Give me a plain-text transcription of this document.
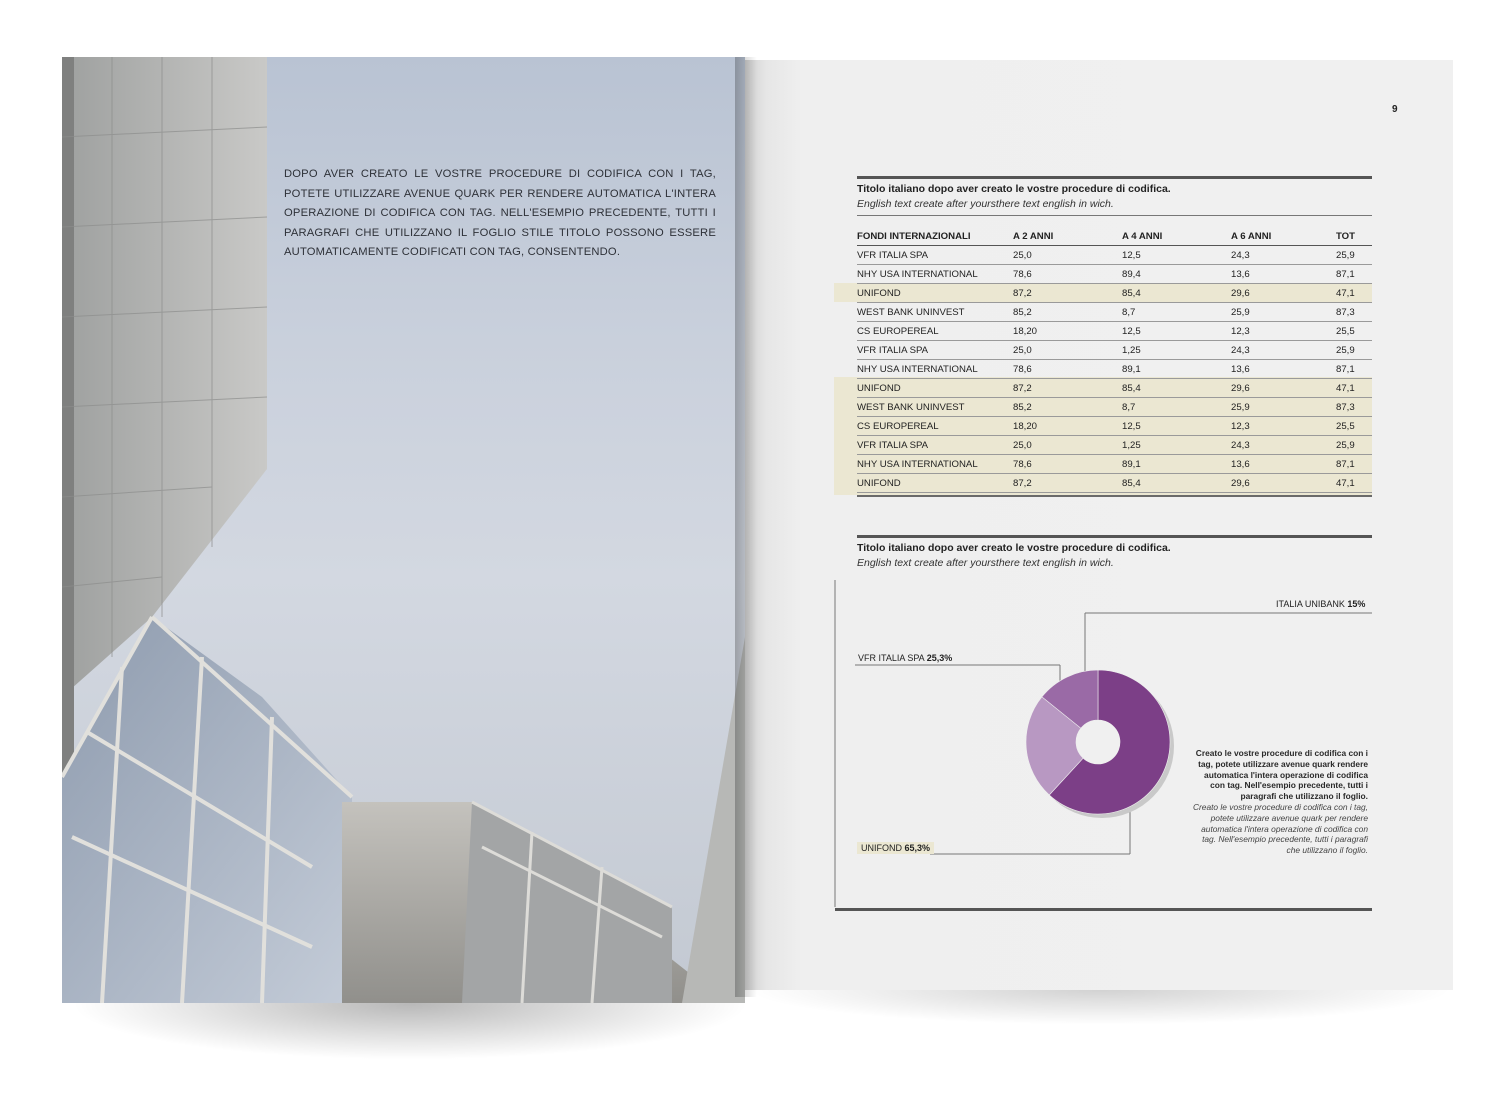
DOPO AVER CREATO LE VOSTRE PROCEDURE DI CODIFICA CON I TAG, POTETE UTILIZZARE AVENUE QUARK PER RENDERE AUTOMATICA L'INTERA OPERAZIONE DI CODIFICA CON TAG. NELL'ESEMPIO PRECEDENTE, TUTTI I PARAGRAFI CHE UTILIZZANO IL FOGLIO STILE TITOLO POSSONO ESSERE AUTOMATICAMENTE CODIFICATI CON TAG, CONSENTENDO.
9
Titolo italiano dopo aver creato le vostre procedure di codifica.
English text create after yoursthere text english in wich.
FONDI INTERNAZIONALI	A 2 ANNI	A 4 ANNI	A 6 ANNI	TOT
VFR ITALIA SPA	25,0	12,5	24,3	25,9
NHY USA INTERNATIONAL	78,6	89,4	13,6	87,1
UNIFOND	87,2	85,4	29,6	47,1
WEST BANK UNINVEST	85,2	8,7	25,9	87,3
CS EUROPEREAL	18,20	12,5	12,3	25,5
VFR ITALIA SPA	25,0	1,25	24,3	25,9
NHY USA INTERNATIONAL	78,6	89,1	13,6	87,1
UNIFOND	87,2	85,4	29,6	47,1
WEST BANK UNINVEST	85,2	8,7	25,9	87,3
CS EUROPEREAL	18,20	12,5	12,3	25,5
VFR ITALIA SPA	25,0	1,25	24,3	25,9
NHY USA INTERNATIONAL	78,6	89,1	13,6	87,1
UNIFOND	87,2	85,4	29,6	47,1
Titolo italiano dopo aver creato le vostre procedure di codifica.
English text create after yoursthere text english in wich.
ITALIA UNIBANK 15%
VFR ITALIA SPA 25,3%
UNIFOND 65,3%
Creato le vostre procedure di codifica con i tag, potete utilizzare avenue quark rendere automatica l'intera operazione di codifica con tag. Nell'esempio precedente, tutti i paragrafi che utilizzano il foglio.
Creato le vostre procedure di codifica con i tag, potete utilizzare avenue quark per rendere automatica l'intera operazione di codifica con tag. Nell'esempio precedente, tutti i paragrafi che utilizzano il foglio.
